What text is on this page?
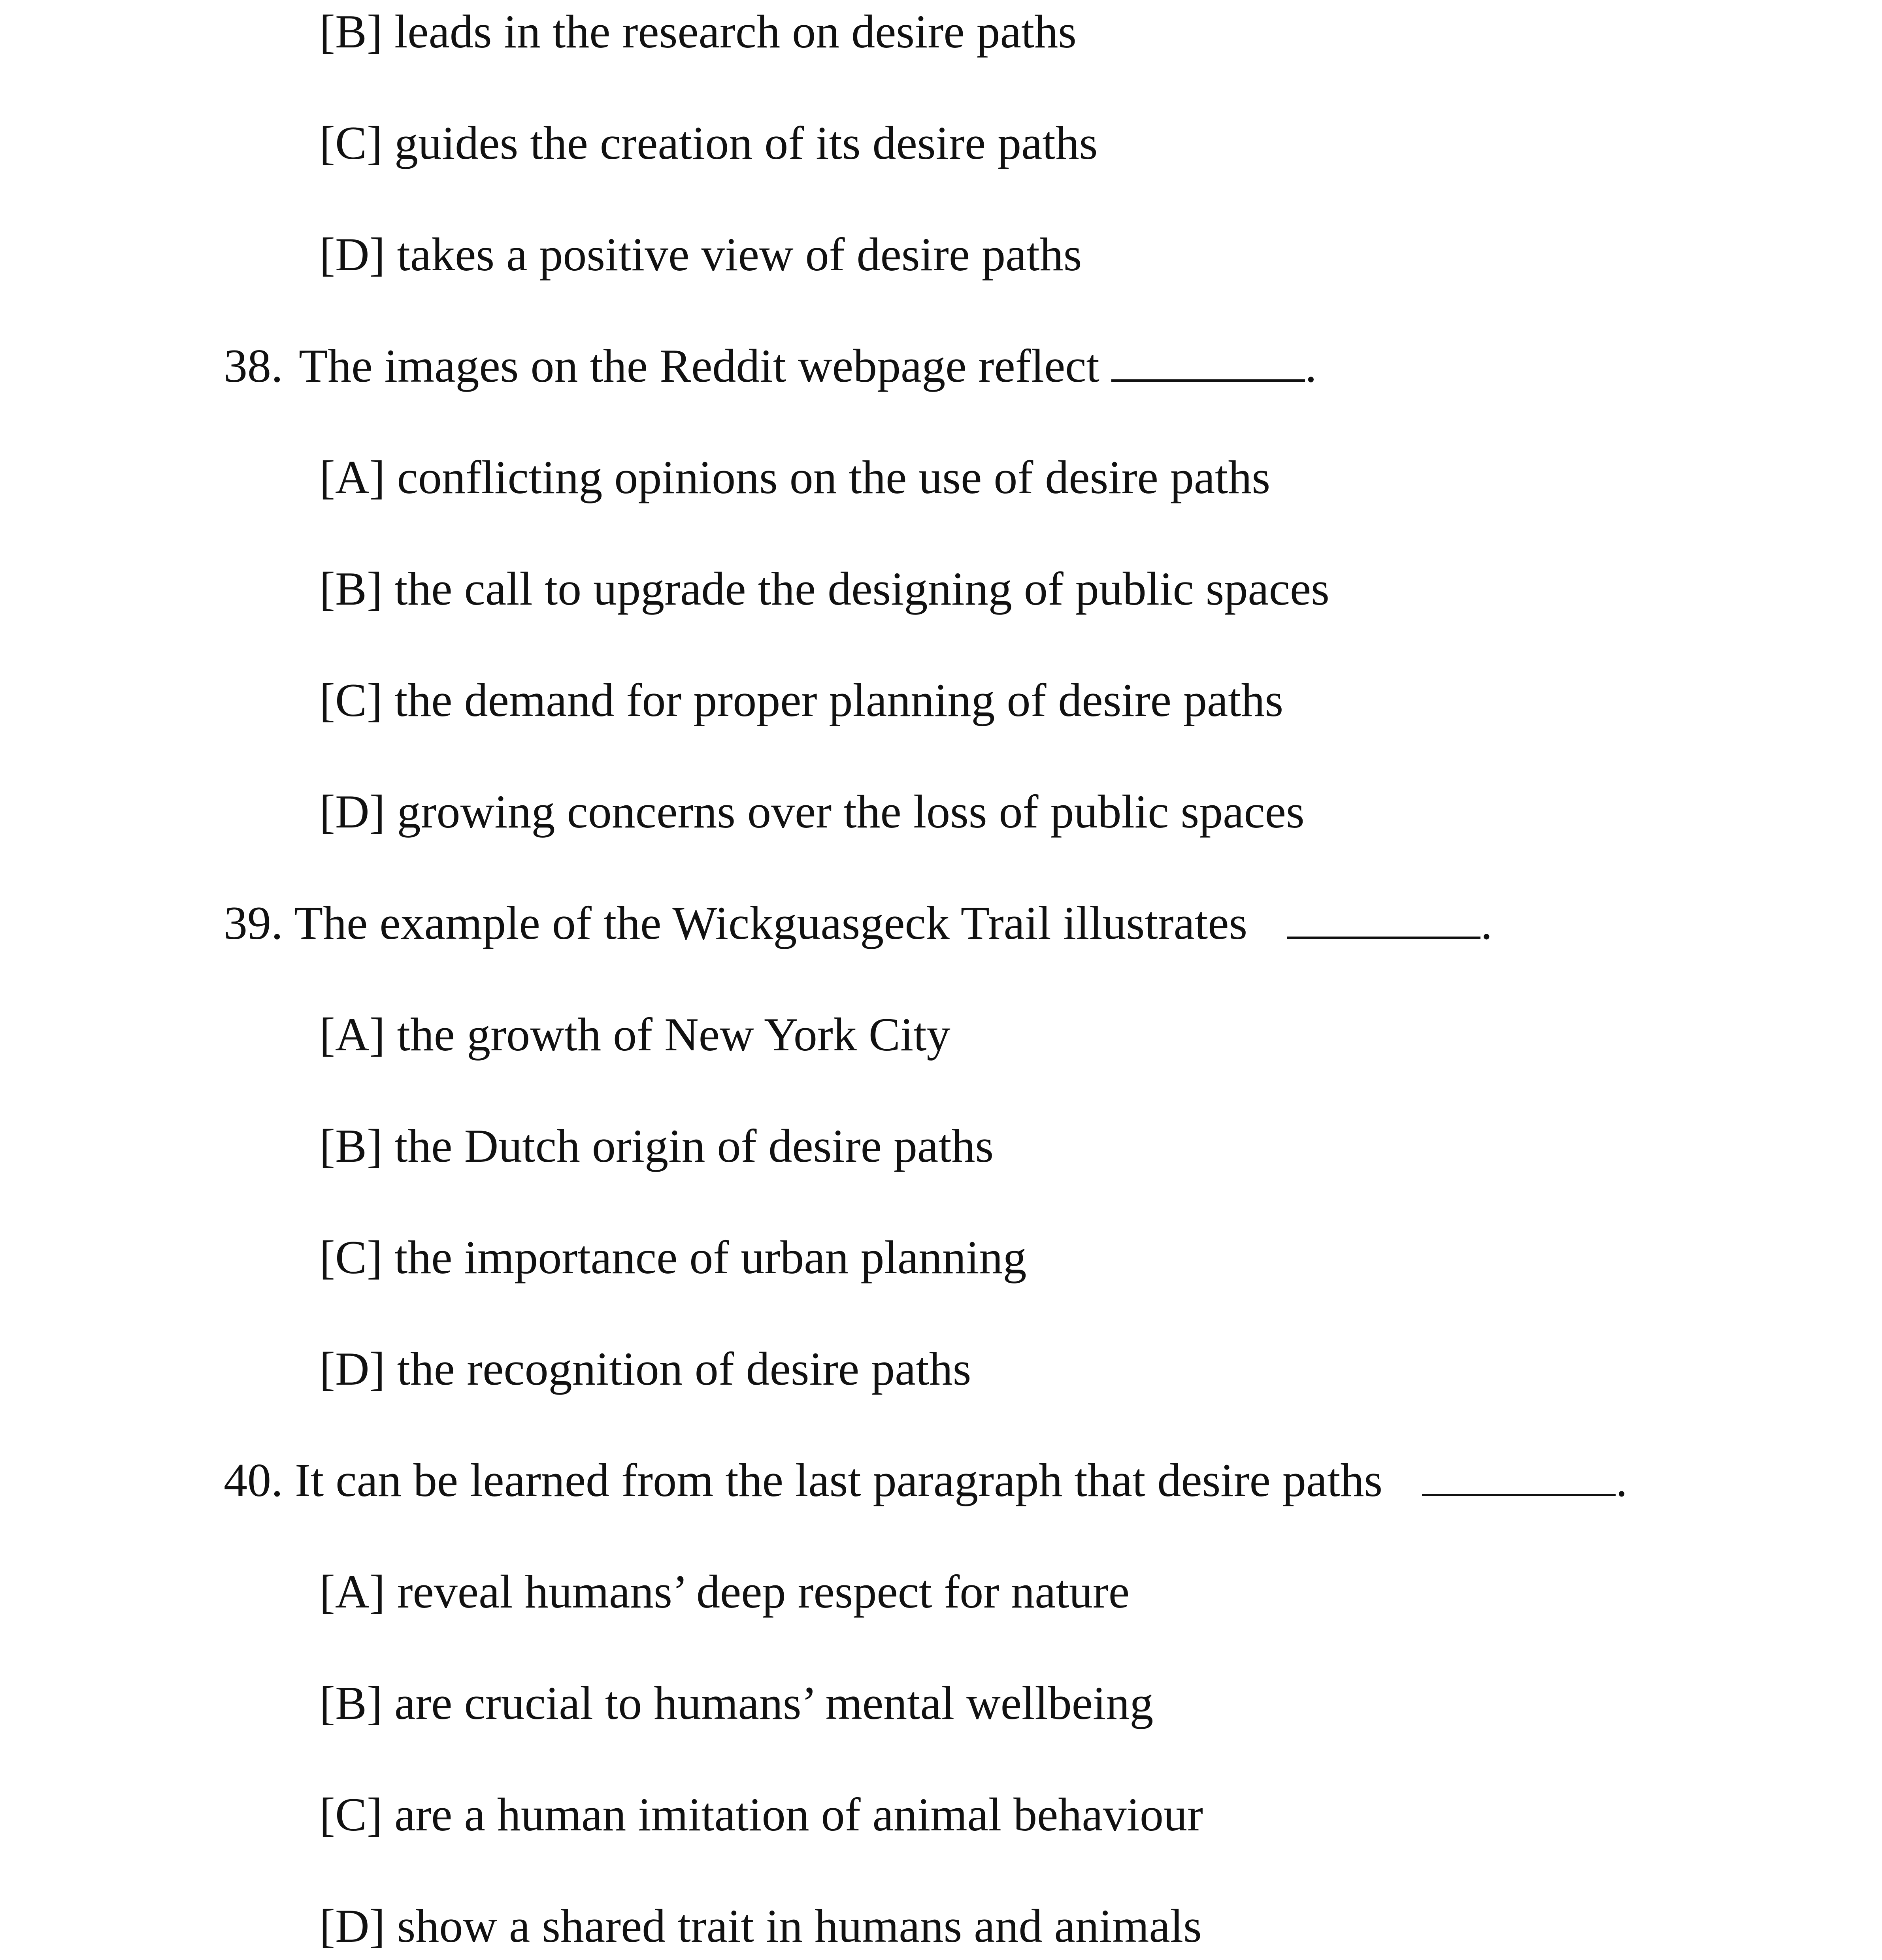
[B] leads in the research on desire paths
[C] guides the creation of its desire paths
[D] takes a positive view of desire paths
38. The images on the Reddit webpage reflect	.
[A] conflicting opinions on the use of desire paths
[B] the call to upgrade the designing of public spaces
[C] the demand for proper planning of desire paths
[D] growing concerns over the loss of public spaces
39. The example of the Wickguasgeck Trail illustrates	.
[A] the growth of New York City
[B] the Dutch origin of desire paths
[C] the importance of urban planning
[D] the recognition of desire paths
40. It can be learned from the last paragraph that desire paths	.
[A] reveal humans’ deep respect for nature
[B] are crucial to humans’ mental wellbeing
[C] are a human imitation of animal behaviour
[D] show a shared trait in humans and animals
